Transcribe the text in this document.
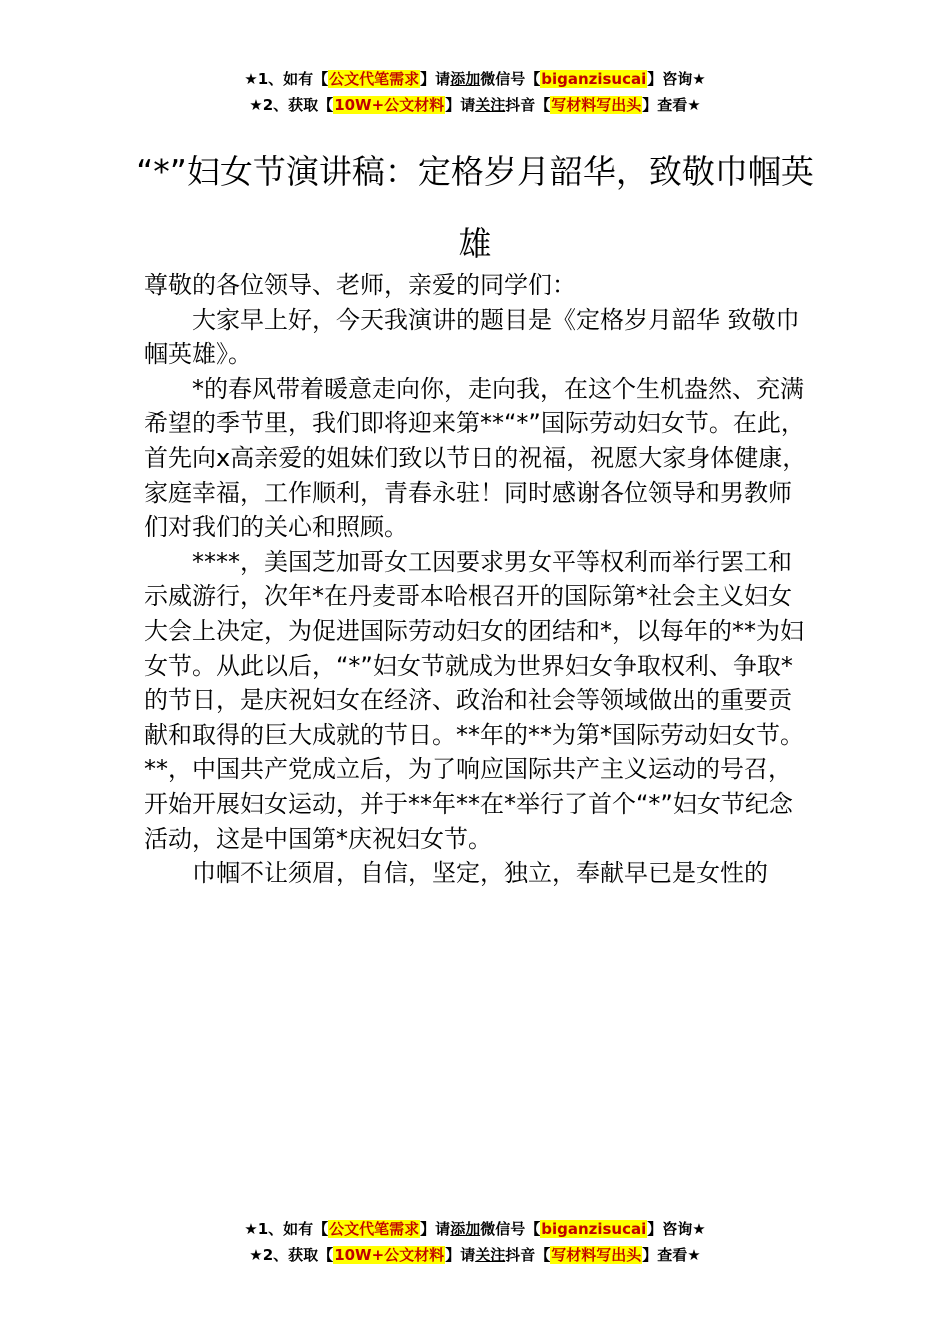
★1、如有【公文代笔需求】请添加微信号【biganzisucai】咨询★
★2、获取【10W+公文材料】请关注抖音【写材料写出头】查看★
“*”妇女节演讲稿：定格岁月韶华，致敬巾帼英雄

尊敬的各位领导、老师，亲爱的同学们：

大家早上好，今天我演讲的题目是《定格岁月韶华 致敬巾帼英雄》。

*的春风带着暖意走向你，走向我，在这个生机盎然、充满希望的季节里，我们即将迎来第**“*”国际劳动妇女节。在此，首先向x高亲爱的姐妹们致以节日的祝福，祝愿大家身体健康，家庭幸福，工作顺利，青春永驻！同时感谢各位领导和男教师们对我们的关心和照顾。

****，美国芝加哥女工因要求男女平等权利而举行罢工和示威游行，次年*在丹麦哥本哈根召开的国际第*社会主义妇女大会上决定，为促进国际劳动妇女的团结和*，以每年的**为妇女节。从此以后，“*”妇女节就成为世界妇女争取权利、争取*的节日，是庆祝妇女在经济、政治和社会等领域做出的重要贡献和取得的巨大成就的节日。**年的**为第*国际劳动妇女节。**，中国共产党成立后，为了响应国际共产主义运动的号召，开始开展妇女运动，并于**年**在*举行了首个“*”妇女节纪念活动，这是中国第*庆祝妇女节。

巾帼不让须眉，自信，坚定，独立，奉献早已是女性的

★1、如有【公文代笔需求】请添加微信号【biganzisucai】咨询★
★2、获取【10W+公文材料】请关注抖音【写材料写出头】查看★
